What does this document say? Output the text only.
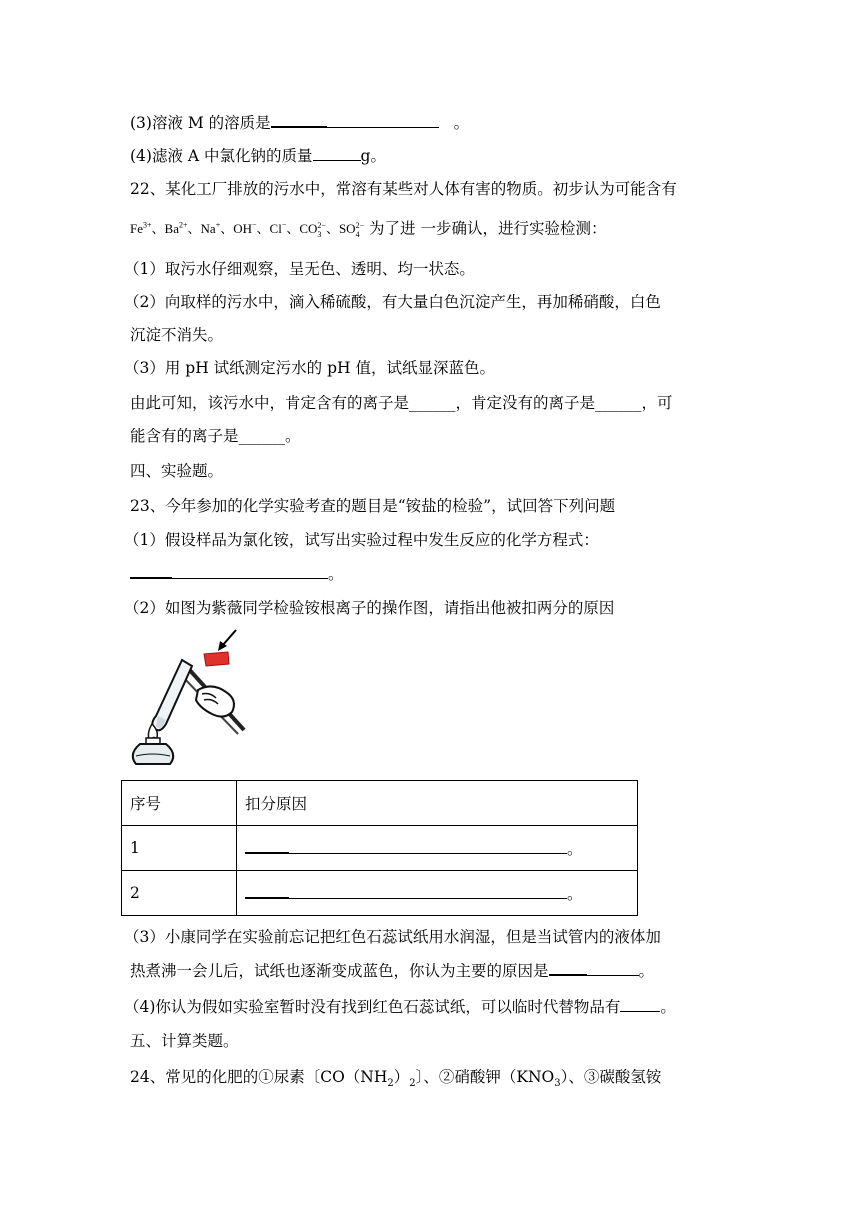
(3)溶液 M 的溶质是	。
(4)滤液 A 中氯化钠的质量	g。
22、某化工厂排放的污水中，常溶有某些对人体有害的物质。初步认为可能含有
$Fe^{3+}$、$Ba^{2+}$、Na+、OH−、Cl−、CO 2−
3 、SO 2−
4 为了进 一步确认，进行实验检测：
（1）取污水仔细观察，呈无色、透明、均一状态。
（2）向取样的污水中，滴入稀硫酸，有大量白色沉淀产生，再加稀硝酸，白色
沉淀不消失。
（3）用 pH 试纸测定污水的 pH 值，试纸显深蓝色。
由此可知，该污水中，肯定含有的离子是______，肯定没有的离子是______，可
能含有的离子是______。
四、实验题。
23、今年参加的化学实验考查的题目是“铵盐的检验”，试回答下列问题
（1）假设样品为氯化铵，试写出实验过程中发生反应的化学方程式：
。
（2）如图为紫薇同学检验铵根离子的操作图，请指出他被扣两分的原因
序号	扣分原因
1	。
2	。
（3）小康同学在实验前忘记把红色石蕊试纸用水润湿，但是当试管内的液体加
热煮沸一会儿后，试纸也逐渐变成蓝色，你认为主要的原因是	。
（4)你认为假如实验室暂时没有找到红色石蕊试纸，可以临时代替物品有	。
五、计算类题。
24、常见的化肥的①尿素〔$CO(NH_2)_2$〕、②硝酸钾$(KNO_3)$、③碳酸氢铵
